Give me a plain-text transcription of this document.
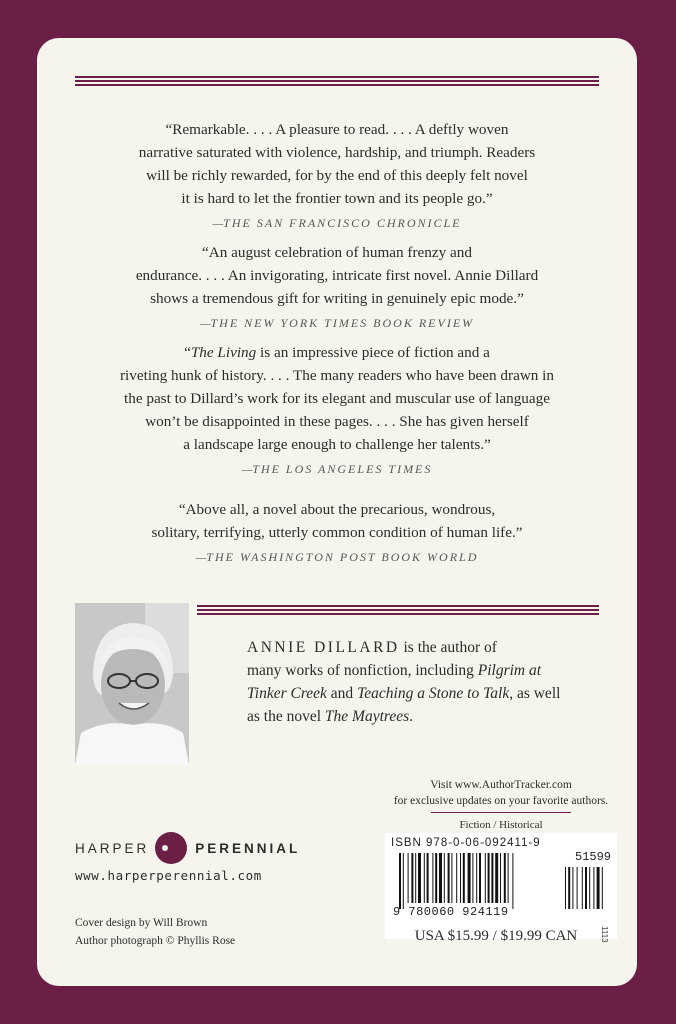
“Remarkable. . . . A pleasure to read. . . . A deftly woven

narrative saturated with violence, hardship, and triumph. Readers

will be richly rewarded, for by the end of this deeply felt novel

it is hard to let the frontier town and its people go.”

—THE SAN FRANCISCO CHRONICLE

“An august celebration of human frenzy and

endurance. . . . An invigorating, intricate first novel. Annie Dillard

shows a tremendous gift for writing in genuinely epic mode.”

—THE NEW YORK TIMES BOOK REVIEW

“The Living is an impressive piece of fiction and a

riveting hunk of history. . . . The many readers who have been drawn in

the past to Dillard’s work for its elegant and muscular use of language

won’t be disappointed in these pages. . . . She has given herself

a landscape large enough to challenge her talents.”

—THE LOS ANGELES TIMES

“Above all, a novel about the precarious, wondrous,

solitary, terrifying, utterly common condition of human life.”

—THE WASHINGTON POST BOOK WORLD

ANNIE DILLARD is the author of
many works of nonfiction, including Pilgrim at
Tinker Creek and Teaching a Stone to Talk, as well
as the novel The Maytrees.
Visit www.AuthorTracker.com
for exclusive updates on your favorite authors.
Fiction / Historical
ISBN 978-0-06-092411-9
51599
9 780060 924119
USA $15.99 / $19.99 CAN	1113
HARPER	PERENNIAL
www.harperperennial.com
Cover design by Will Brown
Author photograph © Phyllis Rose
